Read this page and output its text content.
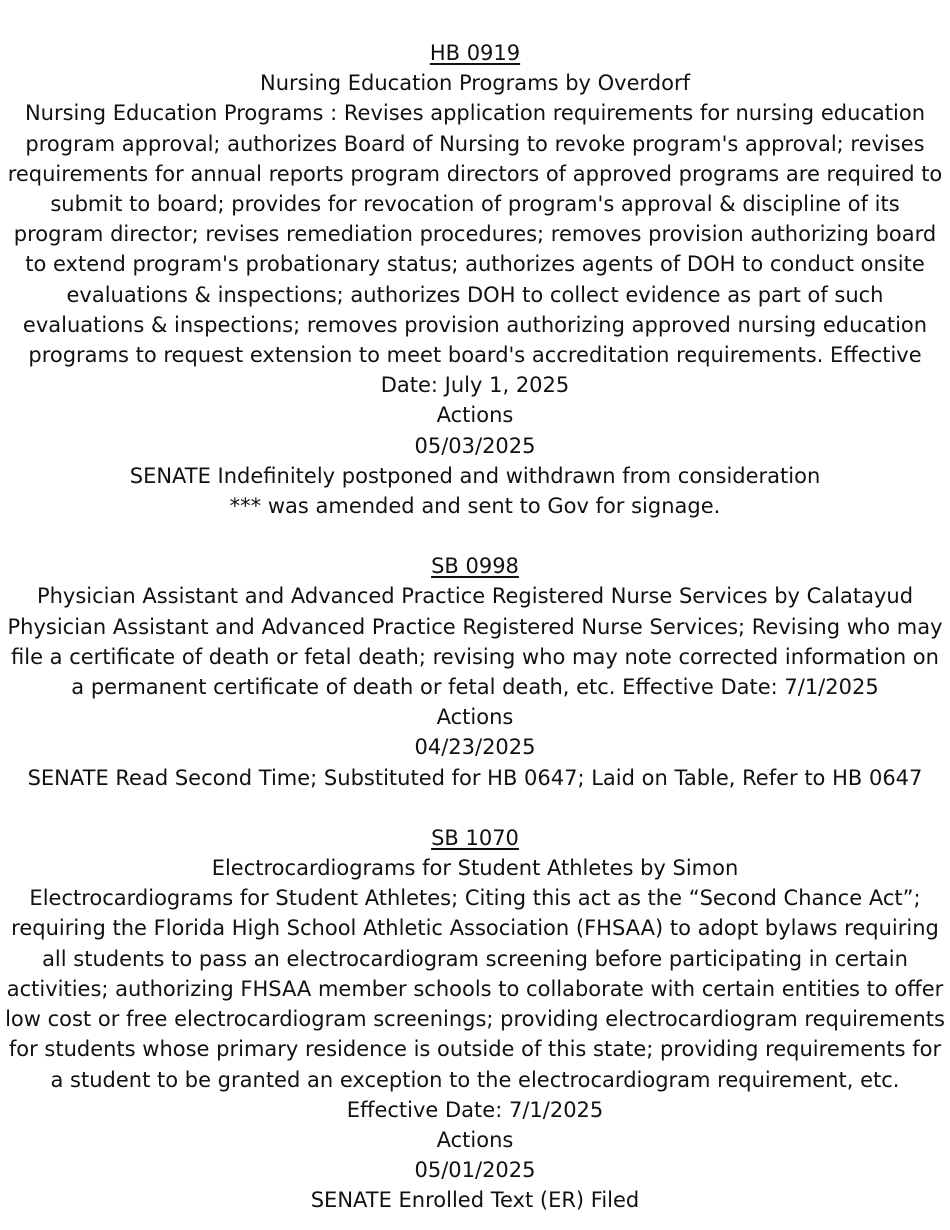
HB 0919
Nursing Education Programs by Overdorf
Nursing Education Programs : Revises application requirements for nursing education program approval; authorizes Board of Nursing to revoke program's approval; revises requirements for annual reports program directors of approved programs are required to submit to board; provides for revocation of program's approval & discipline of its program director; revises remediation procedures; removes provision authorizing board to extend program's probationary status; authorizes agents of DOH to conduct onsite evaluations & inspections; authorizes DOH to collect evidence as part of such evaluations & inspections; removes provision authorizing approved nursing education programs to request extension to meet board's accreditation requirements. Effective Date: July 1, 2025
Actions
05/03/2025
SENATE Indefinitely postponed and withdrawn from consideration
*** was amended and sent to Gov for signage.
SB 0998
Physician Assistant and Advanced Practice Registered Nurse Services by Calatayud
Physician Assistant and Advanced Practice Registered Nurse Services; Revising who may file a certificate of death or fetal death; revising who may note corrected information on a permanent certificate of death or fetal death, etc. Effective Date: 7/1/2025
Actions
04/23/2025
SENATE Read Second Time; Substituted for HB 0647; Laid on Table, Refer to HB 0647
SB 1070
Electrocardiograms for Student Athletes by Simon
Electrocardiograms for Student Athletes; Citing this act as the “Second Chance Act”; requiring the Florida High School Athletic Association (FHSAA) to adopt bylaws requiring all students to pass an electrocardiogram screening before participating in certain activities; authorizing FHSAA member schools to collaborate with certain entities to offer low cost or free electrocardiogram screenings; providing electrocardiogram requirements for students whose primary residence is outside of this state; providing requirements for a student to be granted an exception to the electrocardiogram requirement, etc. Effective Date: 7/1/2025
Actions
05/01/2025
SENATE Enrolled Text (ER) Filed
